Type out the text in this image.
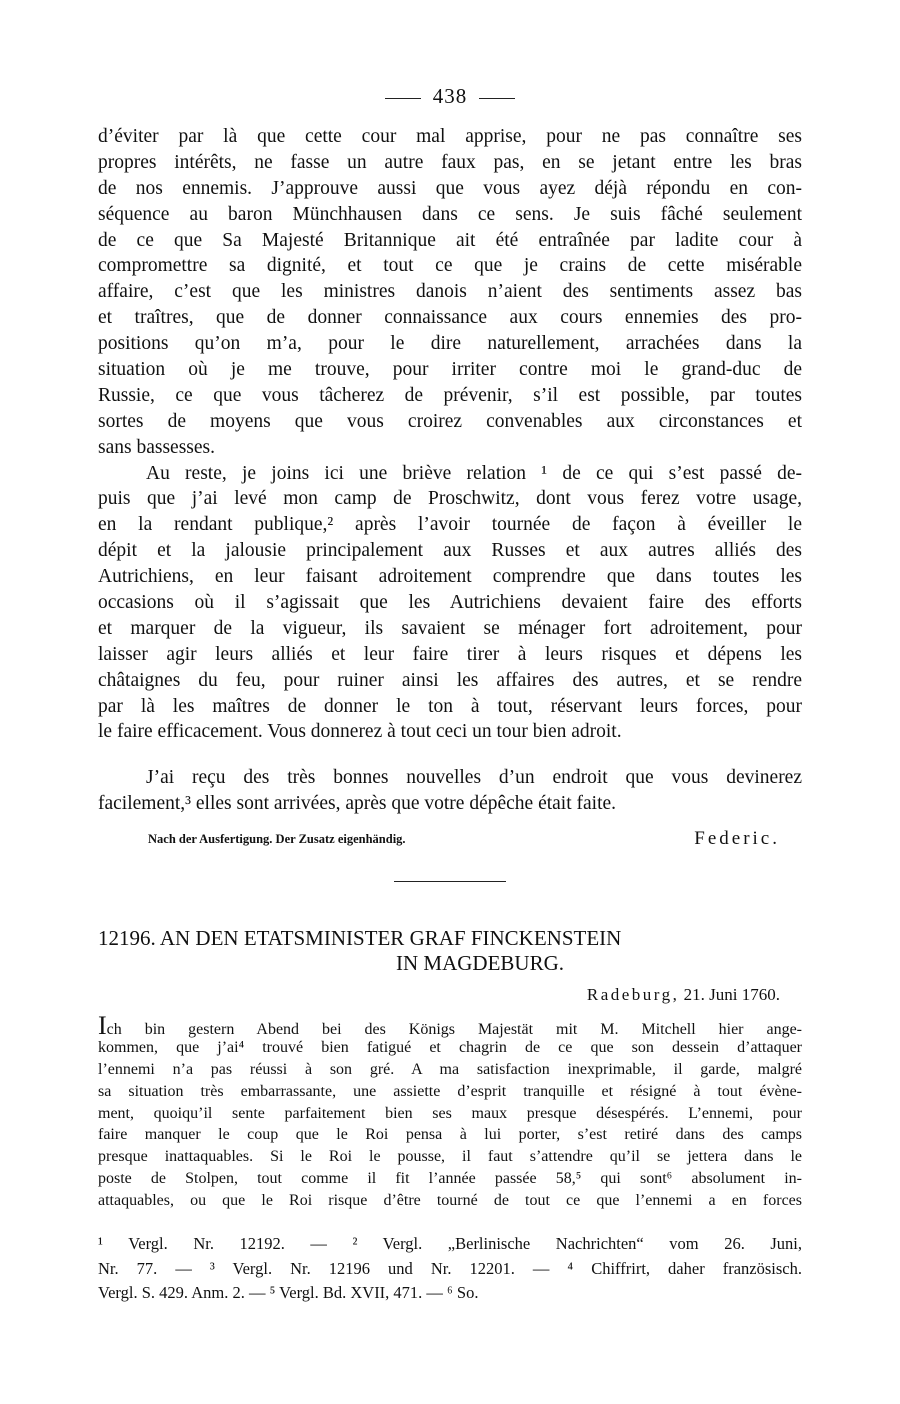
438
d’éviter par là que cette cour mal apprise, pour ne pas connaître ses
propres intérêts, ne fasse un autre faux pas, en se jetant entre les bras
de nos ennemis. J’approuve aussi que vous ayez déjà répondu en con-
séquence au baron Münchhausen dans ce sens. Je suis fâché seulement
de ce que Sa Majesté Britannique ait été entraînée par ladite cour à
compromettre sa dignité, et tout ce que je crains de cette misérable
affaire, c’est que les ministres danois n’aient des sentiments assez bas
et traîtres, que de donner connaissance aux cours ennemies des pro-
positions qu’on m’a, pour le dire naturellement, arrachées dans la
situation où je me trouve, pour irriter contre moi le grand-duc de
Russie, ce que vous tâcherez de prévenir, s’il est possible, par toutes
sortes de moyens que vous croirez convenables aux circonstances et
sans bassesses.
Au reste, je joins ici une briève relation ¹ de ce qui s’est passé de-
puis que j’ai levé mon camp de Proschwitz, dont vous ferez votre usage,
en la rendant publique,² après l’avoir tournée de façon à éveiller le
dépit et la jalousie principalement aux Russes et aux autres alliés des
Autrichiens, en leur faisant adroitement comprendre que dans toutes les
occasions où il s’agissait que les Autrichiens devaient faire des efforts
et marquer de la vigueur, ils savaient se ménager fort adroitement, pour
laisser agir leurs alliés et leur faire tirer à leurs risques et dépens les
châtaignes du feu, pour ruiner ainsi les affaires des autres, et se rendre
par là les maîtres de donner le ton à tout, réservant leurs forces, pour
le faire efficacement. Vous donnerez à tout ceci un tour bien adroit.
J’ai reçu des très bonnes nouvelles d’un endroit que vous devinerez
facilement,³ elles sont arrivées, après que votre dépêche était faite.
Nach der Ausfertigung. Der Zusatz eigenhändig.	Federic.
12196. AN DEN ETATSMINISTER GRAF FINCKENSTEIN
IN MAGDEBURG.
Radeburg, 21. Juni 1760.
Ich bin gestern Abend bei des Königs Majestät mit M. Mitchell hier ange-
kommen, que j’ai⁴ trouvé bien fatigué et chagrin de ce que son dessein d’attaquer
l’ennemi n’a pas réussi à son gré. A ma satisfaction inexprimable, il garde, malgré
sa situation très embarrassante, une assiette d’esprit tranquille et résigné à tout évène-
ment, quoiqu’il sente parfaitement bien ses maux presque désespérés. L’ennemi, pour
faire manquer le coup que le Roi pensa à lui porter, s’est retiré dans des camps
presque inattaquables. Si le Roi le pousse, il faut s’attendre qu’il se jettera dans le
poste de Stolpen, tout comme il fit l’année passée 58,⁵ qui sont⁶ absolument in-
attaquables, ou que le Roi risque d’être tourné de tout ce que l’ennemi a en forces
¹ Vergl. Nr. 12192. — ² Vergl. „Berlinische Nachrichten“ vom 26. Juni,
Nr. 77. — ³ Vergl. Nr. 12196 und Nr. 12201. — ⁴ Chiffrirt, daher französisch.
Vergl. S. 429. Anm. 2. — ⁵ Vergl. Bd. XVII, 471. — ⁶ So.
